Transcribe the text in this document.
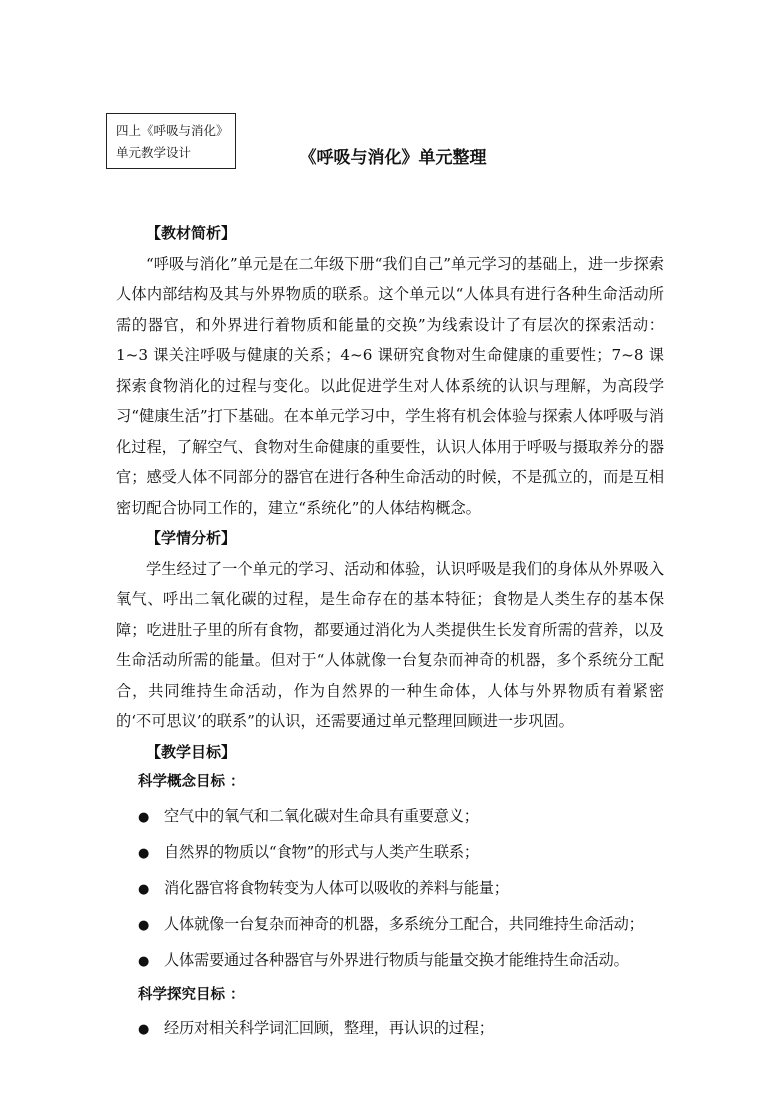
四上《呼吸与消化》
单元教学设计	《呼吸与消化》单元整理
【教材简析】

“呼吸与消化”单元是在二年级下册“我们自己”单元学习的基础上，进一步探索人体内部结构及其与外界物质的联系。这个单元以“人体具有进行各种生命活动所需的器官，和外界进行着物质和能量的交换”为线索设计了有层次的探索活动：1~3 课关注呼吸与健康的关系；4~6 课研究食物对生命健康的重要性；7~8 课探索食物消化的过程与变化。以此促进学生对人体系统的认识与理解，为高段学习“健康生活”打下基础。在本单元学习中，学生将有机会体验与探索人体呼吸与消化过程，了解空气、食物对生命健康的重要性，认识人体用于呼吸与摄取养分的器官；感受人体不同部分的器官在进行各种生命活动的时候，不是孤立的，而是互相密切配合协同工作的，建立“系统化”的人体结构概念。

【学情分析】

学生经过了一个单元的学习、活动和体验，认识呼吸是我们的身体从外界吸入氧气、呼出二氧化碳的过程，是生命存在的基本特征；食物是人类生存的基本保障；吃进肚子里的所有食物，都要通过消化为人类提供生长发育所需的营养，以及生命活动所需的能量。但对于“人体就像一台复杂而神奇的机器，多个系统分工配合，共同维持生命活动，作为自然界的一种生命体，人体与外界物质有着紧密的‘不可思议’的联系”的认识，还需要通过单元整理回顾进一步巩固。

【教学目标】
科学概念目标 ：
● 空气中的氧气和二氧化碳对生命具有重要意义；
● 自然界的物质以“食物”的形式与人类产生联系；
● 消化器官将食物转变为人体可以吸收的养料与能量；
● 人体就像一台复杂而神奇的机器，多系统分工配合，共同维持生命活动；
● 人体需要通过各种器官与外界进行物质与能量交换才能维持生命活动。
科学探究目标 ：
● 经历对相关科学词汇回顾，整理，再认识的过程；
